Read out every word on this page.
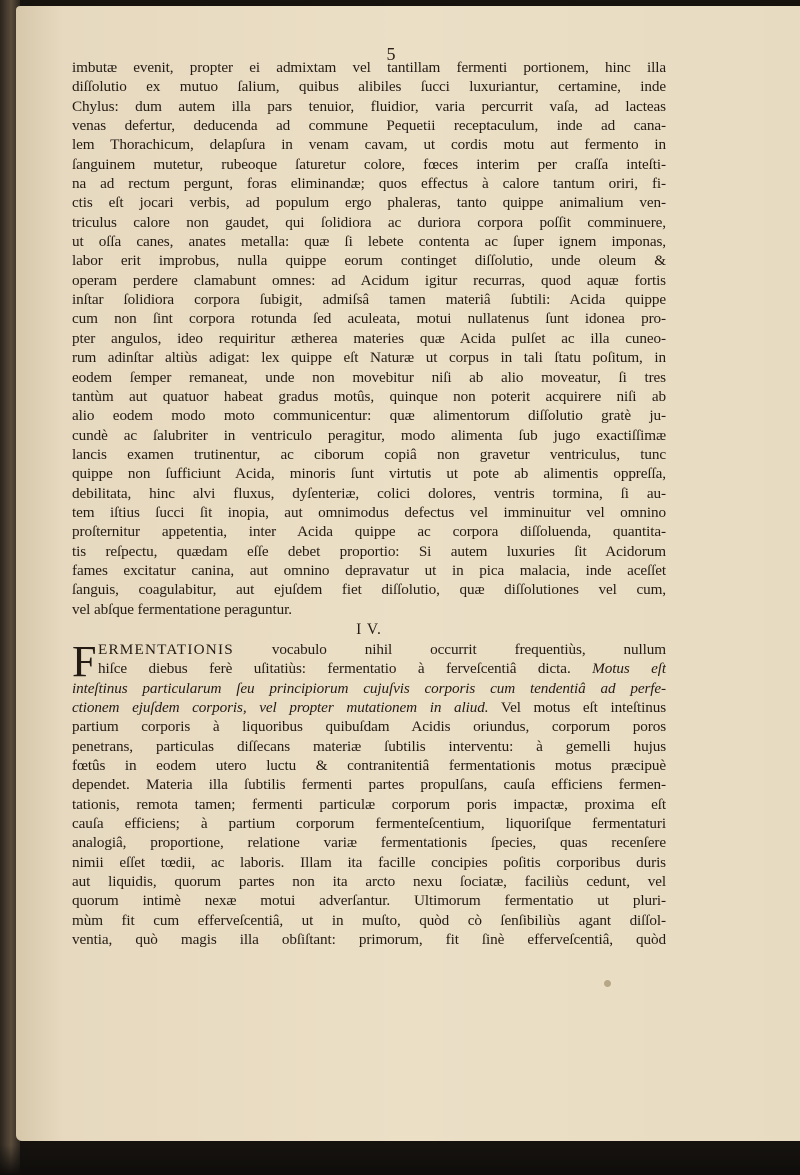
5
imbutæ evenit, propter ei admixtam vel tantillam fermenti portionem, hinc illa
diſſolutio ex mutuo ſalium, quibus alibiles ſucci luxuriantur, certamine, inde
Chylus: dum autem illa pars tenuior, fluidior, varia percurrit vaſa, ad lacteas
venas defertur, deducenda ad commune Pequetii receptaculum, inde ad cana-
lem Thorachicum, delapſura in venam cavam, ut cordis motu aut fermento in
ſanguinem mutetur, rubeoque ſaturetur colore, fœces interim per craſſa inteſti-
na ad rectum pergunt, foras eliminandæ; quos effectus à calore tantum oriri, fi-
ctis eſt jocari verbis, ad populum ergo phaleras, tanto quippe animalium ven-
triculus calore non gaudet, qui ſolidiora ac duriora corpora poſſit comminuere,
ut oſſa canes, anates metalla: quæ ſi lebete contenta ac ſuper ignem imponas,
labor erit improbus, nulla quippe eorum continget diſſolutio, unde oleum &
operam perdere clamabunt omnes: ad Acidum igitur recurras, quod aquæ fortis
inſtar ſolidiora corpora ſubigit, admiſsâ tamen materiâ ſubtili: Acida quippe
cum non ſint corpora rotunda ſed aculeata, motui nullatenus ſunt idonea pro-
pter angulos, ideo requiritur ætherea materies quæ Acida pulſet ac illa cuneo-
rum adinſtar altiùs adigat: lex quippe eſt Naturæ ut corpus in tali ſtatu poſitum, in
eodem ſemper remaneat, unde non movebitur niſi ab alio moveatur, ſi tres
tantùm aut quatuor habeat gradus motûs, quinque non poterit acquirere niſi ab
alio eodem modo moto communicentur: quæ alimentorum diſſolutio gratè ju-
cundè ac ſalubriter in ventriculo peragitur, modo alimenta ſub jugo exactiſſimæ
lancis examen trutinentur, ac ciborum copiâ non gravetur ventriculus, tunc
quippe non ſufficiunt Acida, minoris ſunt virtutis ut pote ab alimentis oppreſſa,
debilitata, hinc alvi fluxus, dyſenteriæ, colici dolores, ventris tormina, ſi au-
tem iſtius ſucci ſit inopia, aut omnimodus defectus vel imminuitur vel omnino
proſternitur appetentia, inter Acida quippe ac corpora diſſoluenda, quantita-
tis reſpectu, quædam eſſe debet proportio: Si autem luxuries ſit Acidorum
fames excitatur canina, aut omnino depravatur ut in pica malacia, inde aceſſet
ſanguis, coagulabitur, aut ejuſdem fiet diſſolutio, quæ diſſolutiones vel cum,
vel abſque fermentatione peraguntur.
I V.
F ERMENTATIONIS vocabulo nihil occurrit frequentiùs, nullum
hiſce diebus ferè uſitatiùs: fermentatio à ferveſcentiâ dicta. Motus eſt
inteſtinus particularum ſeu principiorum cujuſvis corporis cum tendentiâ ad perfe-
ctionem ejuſdem corporis, vel propter mutationem in aliud. Vel motus eſt inteſtinus
partium corporis à liquoribus quibuſdam Acidis oriundus, corporum poros
penetrans, particulas diſſecans materiæ ſubtilis interventu: à gemelli hujus
fœtûs in eodem utero luctu & contranitentiâ fermentationis motus præcipuè
dependet. Materia illa ſubtilis fermenti partes propulſans, cauſa efficiens fermen-
tationis, remota tamen; fermenti particulæ corporum poris impactæ, proxima eſt
cauſa efficiens; à partium corporum fermenteſcentium, liquoriſque fermentaturi
analogiâ, proportione, relatione variæ fermentationis ſpecies, quas recenſere
nimii eſſet tœdii, ac laboris. Illam ita facille concipies poſitis corporibus duris
aut liquidis, quorum partes non ita arcto nexu ſociatæ, faciliùs cedunt, vel
quorum intimè nexæ motui adverſantur. Ultimorum fermentatio ut pluri-
mùm fit cum efferveſcentiâ, ut in muſto, quòd cò ſenſibiliùs agant diſſol-
ventia, quò magis illa obſiſtant: primorum, fit ſinè efferveſcentiâ, quòd
